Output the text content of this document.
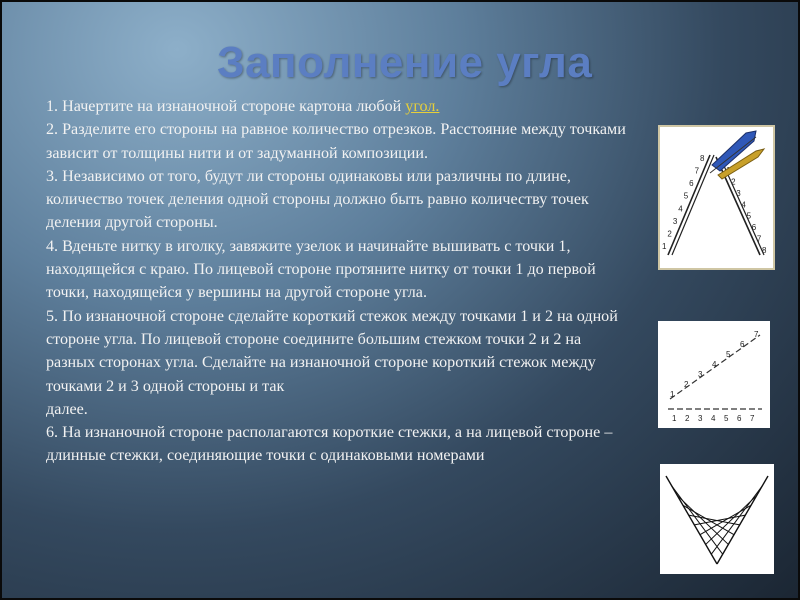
Заполнение угла

1. Начертите на изнаночной стороне картона любой угол.

2. Разделите его стороны на равное количество отрезков. Расстояние между точками зависит от толщины нити и от задуманной композиции.

3. Независимо от того, будут ли стороны одинаковы или различны по длине, количество точек деления одной стороны должно быть равно количеству точек деления другой стороны.

4. Вденьте нитку в иголку, завяжите узелок и начинайте вышивать с точки 1, находящейся с краю. По лицевой стороне протяните нитку от точки 1 до первой точки, находящейся у вершины на другой стороне угла.

5. По изнаночной стороне сделайте короткий стежок между точками 1 и 2 на одной стороне угла. По лицевой стороне соедините большим стежком точки 2 и 2 на разных сторонах угла. Сделайте на изнаночной стороне короткий стежок между точками 2 и 3 одной стороны и так

далее.

6. На изнаночной стороне располагаются короткие стежки, а на лицевой стороне – длинные стежки, соединяющие точки с одинаковыми номерами

1
2
3
4
5
6
7
8
2
3
4
5
6
7
8
1
2
3
4
5
6
7
1 2 3 4 5 6 7
